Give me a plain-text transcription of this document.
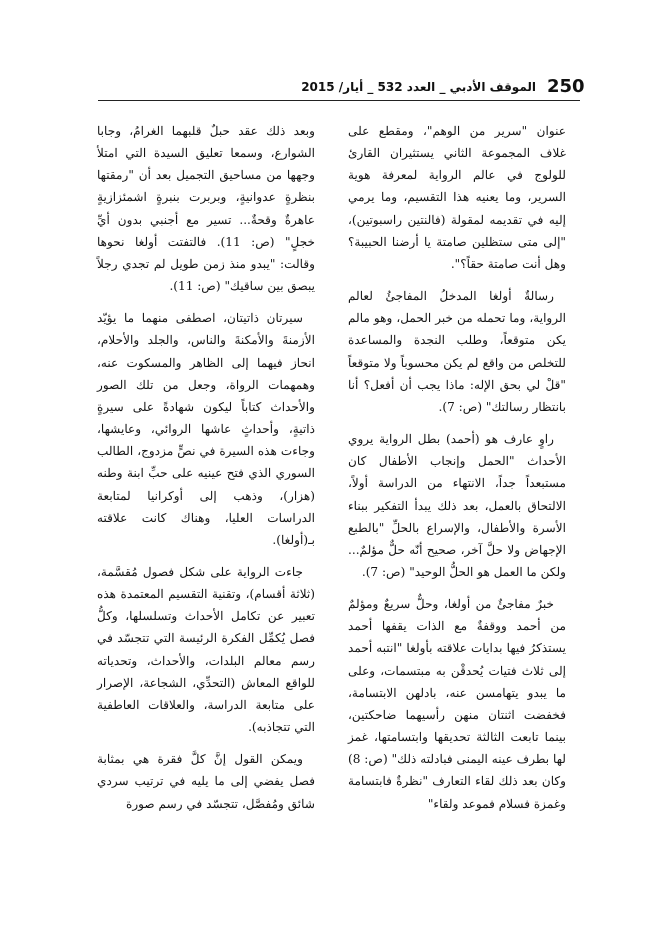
250
الموقف الأدبي _ العدد 532 _ أيار/ 2015

عنوان "سرير من الوهم"، ومقطع على غلاف المجموعة الثاني يستثيران القارئ للولوج في عالم الرواية لمعرفة هوية السرير، وما يعنيه هذا التقسيم، وما يرمي إليه في تقديمه لمقولة (فالنتين راسبوتين)، "إلى متى ستظلين صامتة يا أرضنا الحبيبة؟ وهل أنت صامتة حقاً؟".

رسالةٌ أولغا المدخلُ المفاجئُ لعالم الرواية، وما تحمله من خبر الحمل، وهو مالم يكن متوقعاً، وطلب النجدة والمساعدة للتخلص من واقع لم يكن محسوباً ولا متوقعاً "قلْ لي بحق الإله: ماذا يجب أن أفعل؟ أنا بانتظار رسالتك" (ص: 7).

راوٍ عارف هو (أحمد) بطل الرواية يروي الأحداث "الحمل وإنجاب الأطفال كان مستبعداً جداً، الانتهاء من الدراسة أولاً، الالتحاق بالعمل، بعد ذلك يبدأ التفكير ببناء الأسرة والأطفال، والإسراع بالحلِّ "بالطبع الإجهاض ولا حلَّ آخر، صحيح أنّه حلٌّ مؤلمٌ... ولكن ما العمل هو الحلُّ الوحيد" (ص: 7).

خبرٌ مفاجئٌ من أولغا، وحلٌّ سريعٌ ومؤلمٌ من أحمد ووقفةٌ مع الذات يقفها أحمد يستذكرُ فيها بدايات علاقته بأولغا "انتبه أحمد إلى ثلاث فتيات يُحدقْن به مبتسمات، وعلى ما يبدو يتهامسن عنه، بادلهن الابتسامة، فخفضت اثنتان منهن رأسيهما ضاحكتين، بينما تابعت الثالثة تحديقها وابتسامتها، غمز لها بطرف عينه اليمنى فبادلته ذلك" (ص: 8) وكان بعد ذلك لقاء التعارف "نظرةٌ فابتسامة وغمزة فسلام فموعد ولقاء"

وبعد ذلك عقد حبلٌ قلبهما الغرامُ، وجابا الشوارع، وسمعا تعليق السيدة التي امتلأ وجهها من مساحيق التجميل بعد أن "رمقتها بنظرةٍ عدوانيةٍ، وبربرت بنبرةٍ اشمئزازيةٍ عاهرةٌ وقحةٌ... تسير مع أجنبي بدون أيِّ خجلٍ" (ص: 11). فالتفتت أولغا نحوها وقالت: "يبدو منذ زمن طويل لم تجدي رجلاً يبصق بين ساقيك" (ص: 11).

سيرتان ذاتيتان، اصطفى منهما ما يؤيّد الأزمنةَ والأمكنةَ والناس، والجلد والأحلام، انحاز فيهما إلى الظاهر والمسكوت عنه، وهمهمات الرواة، وجعل من تلك الصور والأحداث كتاباً ليكون شهادةً على سيرةٍ ذاتيةٍ، وأحداثٍ عاشها الروائي، وعايشها، وجاءت هذه السيرة في نصٍّ مزدوج، الطالب السوري الذي فتح عينيه على حبِّ ابنة وطنه (هزار)، وذهب إلى أوكرانيا لمتابعة الدراسات العليا، وهناك كانت علاقته بـ(أولغا).

جاءت الرواية على شكل فصول مُقسَّمة، (ثلاثة أقسام)، وتقنية التقسيم المعتمدة هذه تعبير عن تكامل الأحداث وتسلسلها، وكلُّ فصل يُكمِّل الفكرة الرئيسة التي تتجسّد في رسم معالم البلدات، والأحداث، وتحدياته للواقع المعاش (التحدِّي، الشجاعة، الإصرار على متابعة الدراسة، والعلاقات العاطفية التي تتجاذبه).

ويمكن القول إنَّ كلَّ فقرة هي بمثابة فصل يفضي إلى ما يليه في ترتيب سردي شائق ومُفصَّل، تتجسّد في رسم صورة
